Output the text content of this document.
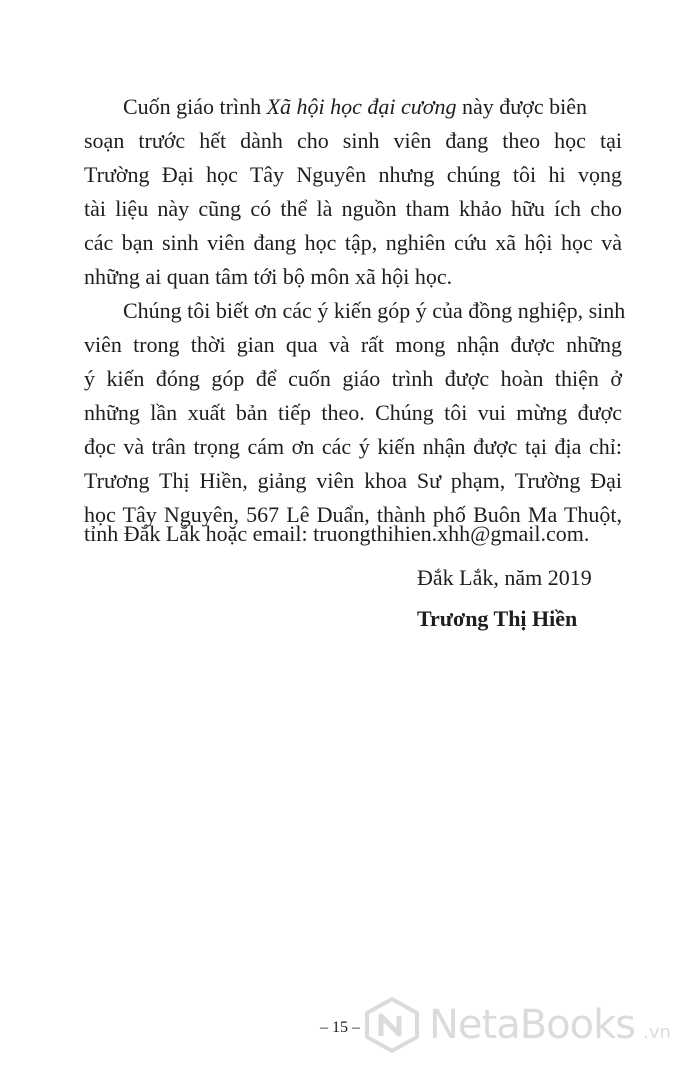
Cuốn giáo trình Xã hội học đại cương này được biên
soạn trước hết dành cho sinh viên đang theo học tại
Trường Đại học Tây Nguyên nhưng chúng tôi hi vọng
tài liệu này cũng có thể là nguồn tham khảo hữu ích cho
các bạn sinh viên đang học tập, nghiên cứu xã hội học và
những ai quan tâm tới bộ môn xã hội học.
Chúng tôi biết ơn các ý kiến góp ý của đồng nghiệp, sinh
viên trong thời gian qua và rất mong nhận được những
ý kiến đóng góp để cuốn giáo trình được hoàn thiện ở
những lần xuất bản tiếp theo. Chúng tôi vui mừng được
đọc và trân trọng cám ơn các ý kiến nhận được tại địa chỉ:
Trương Thị Hiền, giảng viên khoa Sư phạm, Trường Đại
học Tây Nguyên, 567 Lê Duẩn, thành phố Buôn Ma Thuột,
tỉnh Đắk Lắk hoặc email: truongthihien.xhh@gmail.com.
Đắk Lắk, năm 2019
Trương Thị Hiền
– 15 – NetaBooks .vn
